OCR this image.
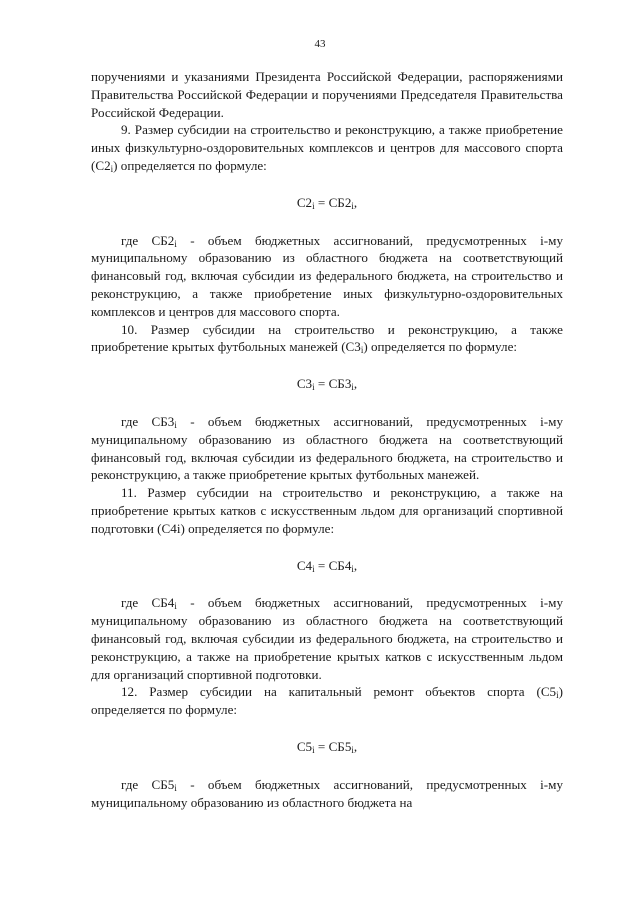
43

поручениями и указаниями Президента Российской Федерации, распоряжениями Правительства Российской Федерации и поручениями Председателя Правительства Российской Федерации.

9. Размер субсидии на строительство и реконструкцию, а также приобретение иных физкультурно-оздоровительных комплексов и центров для массового спорта $(С2_i)$ определяется по формуле:

$С2_i = СБ2_i$,

где $СБ2_i$ - объем бюджетных ассигнований, предусмотренных i-му муниципальному образованию из областного бюджета на соответствующий финансовый год, включая субсидии из федерального бюджета, на строительство и реконструкцию, а также приобретение иных физкультурно-оздоровительных комплексов и центров для массового спорта.

10. Размер субсидии на строительство и реконструкцию, а также приобретение крытых футбольных манежей $(С3_i)$ определяется по формуле:

$С3_i = СБ3_i$,

где $СБ3_i$ - объем бюджетных ассигнований, предусмотренных i-му муниципальному образованию из областного бюджета на соответствующий финансовый год, включая субсидии из федерального бюджета, на строительство и реконструкцию, а также приобретение крытых футбольных манежей.

11. Размер субсидии на строительство и реконструкцию, а также на приобретение крытых катков с искусственным льдом для организаций спортивной подготовки (С4i) определяется по формуле:

$С4_i = СБ4_i$,

где $СБ4_i$ - объем бюджетных ассигнований, предусмотренных i-му муниципальному образованию из областного бюджета на соответствующий финансовый год, включая субсидии из федерального бюджета, на строительство и реконструкцию, а также на приобретение крытых катков с искусственным льдом для организаций спортивной подготовки.

12. Размер субсидии на капитальный ремонт объектов спорта $(С5_i)$ определяется по формуле:

$С5_i = СБ5_i$,

где $СБ5_i$ - объем бюджетных ассигнований, предусмотренных i-му муниципальному образованию из областного бюджета на
